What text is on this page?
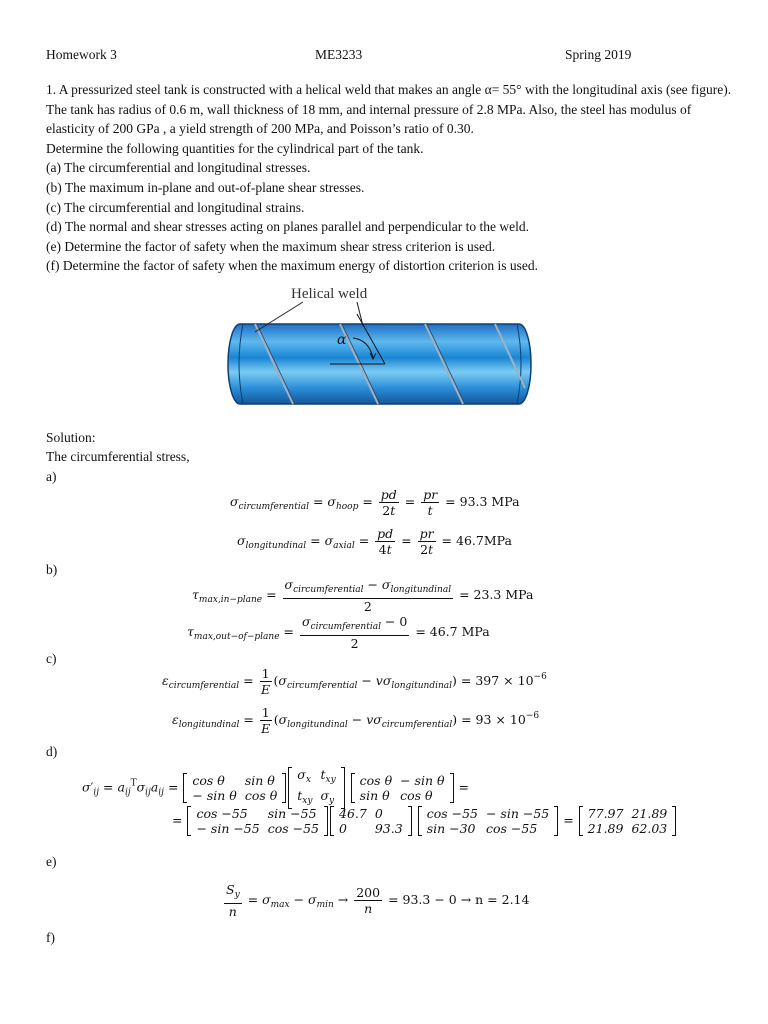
Homework 3	ME3233	Spring 2019

1. A pressurized steel tank is constructed with a helical weld that makes an angle α= 55° with the longitudinal axis (see figure). The tank has radius of 0.6 m, wall thickness of 18 mm, and internal pressure of 2.8 MPa. Also, the steel has modulus of elasticity of 200 GPa , a yield strength of 200 MPa, and Poisson’s ratio of 0.30.

Determine the following quantities for the cylindrical part of the tank.

(a) The circumferential and longitudinal stresses.

(b) The maximum in-plane and out-of-plane shear stresses.

(c) The circumferential and longitudinal strains.

(d) The normal and shear stresses acting on planes parallel and perpendicular to the weld.

(e) Determine the factor of safety when the maximum shear stress criterion is used.

(f) Determine the factor of safety when the maximum energy of distortion criterion is used.

Helical weld
α
Solution:
The circumferential stress,
a)
b)
c)
d)
e)
f)
$\sigma_{circumferential} = \sigma_{hoop} = \frac{pd}{2t} = \frac{pr}{t} = 93.3$ MPa
$\sigma_{longitundinal} = \sigma_{axial} = \frac{pd}{4t} = \frac{pr}{2t} = 46.7MPa$
$\tau_{max,in-plane} = \frac{\sigma_{circumferential} - \sigma_{longitundinal}}{2} = 23.3$ MPa
$\tau_{max,out-of-plane} = \frac{\sigma_{circumferential} - 0}{2} = 46.7$ MPa
$\varepsilon_{circumferential} = \frac{1}{E} (\sigma_{circumferential} - v\sigma_{longitundinal}) = 397 \times 10^{-6}$
$\varepsilon_{longitundinal} = \frac{1}{E} (\sigma_{longitundinal} - v\sigma_{circumferential}) = 93 \times 10^{-6}$
$\sigma'_{ij} = a_{ij}^T\sigma_{ij}a_{ij} = \cos \theta$	sin θ
− sin θ	cos θ
$\sigma_x$	$t_{xy}$
$t_{xy}$	$\sigma_y$

cos θ	− sin θ
sin θ	cos θ
=
= cos −55	sin −55
− sin −55	cos −55
46.7	0
0	93.3

cos −55	− sin −55
sin −30	cos −55
= 77.97	21.89
21.89	62.03
$\frac{S_y}{n} = \sigma_{max} - \sigma_{min} \to \frac{200}{n} = 93.3 - 0 \to n = 2.14$
